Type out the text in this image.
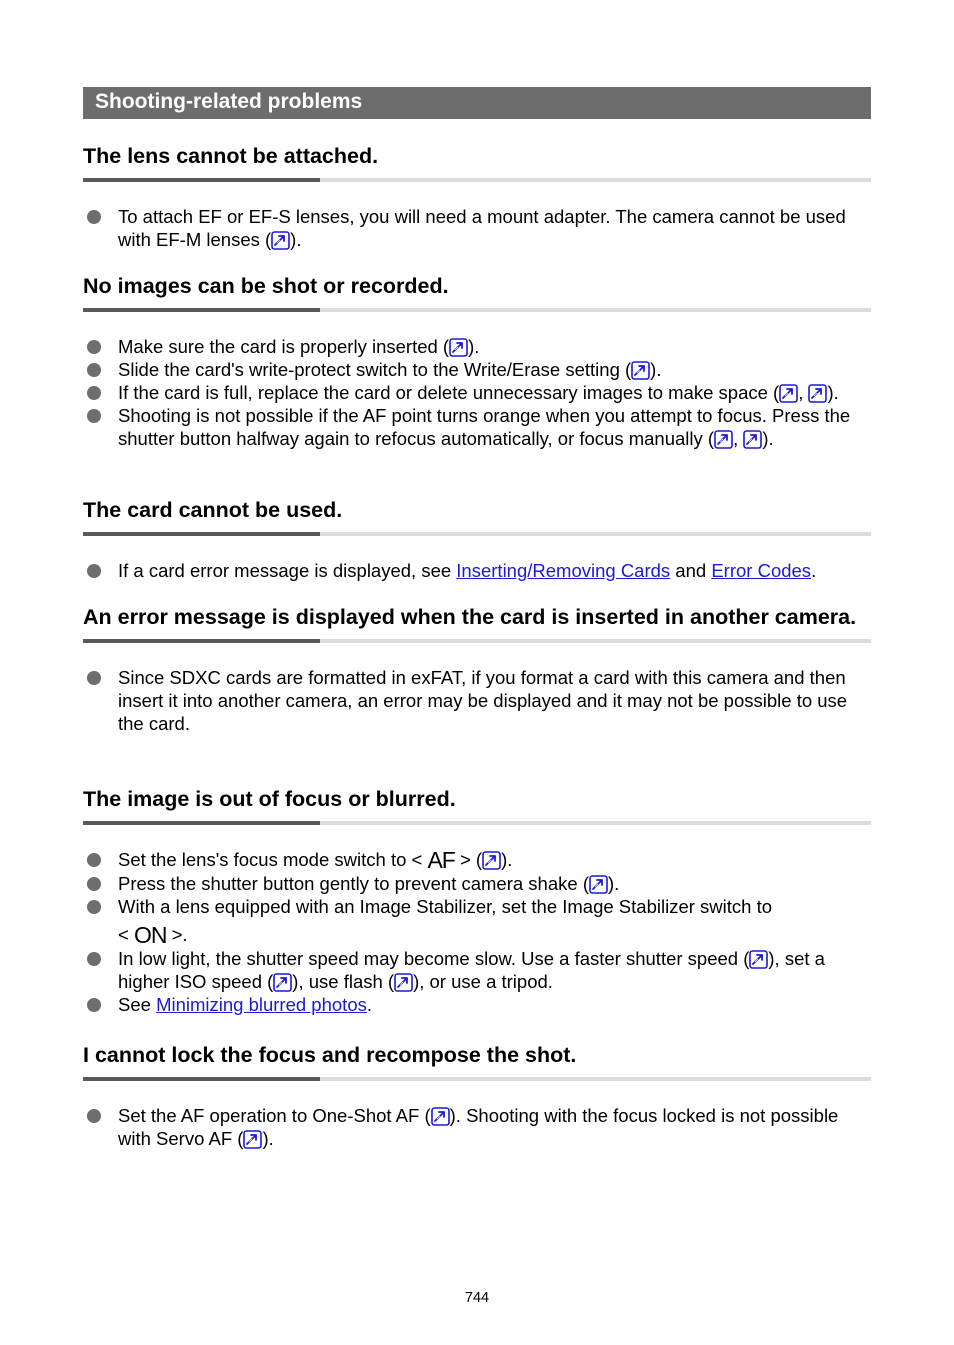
Shooting-related problems
The lens cannot be attached.
To attach EF or EF-S lenses, you will need a mount adapter. The camera cannot be used with EF-M lenses ( ).
No images can be shot or recorded.
Make sure the card is properly inserted ( ).
Slide the card's write-protect switch to the Write/Erase setting ( ).
If the card is full, replace the card or delete unnecessary images to make space ( , ).
Shooting is not possible if the AF point turns orange when you attempt to focus. Press the shutter button halfway again to refocus automatically, or focus manually ( , ).
The card cannot be used.
If a card error message is displayed, see Inserting/Removing Cards and Error Codes.
An error message is displayed when the card is inserted in another camera.
Since SDXC cards are formatted in exFAT, if you format a card with this camera and then insert it into another camera, an error may be displayed and it may not be possible to use the card.
The image is out of focus or blurred.
Set the lens's focus mode switch to < AF > ( ).
Press the shutter button gently to prevent camera shake ( ).
With a lens equipped with an Image Stabilizer, set the Image Stabilizer switch to
< ON >.
In low light, the shutter speed may become slow. Use a faster shutter speed ( ), set a higher ISO speed ( ), use flash ( ), or use a tripod.
See Minimizing blurred photos.
I cannot lock the focus and recompose the shot.
Set the AF operation to One-Shot AF ( ). Shooting with the focus locked is not possible with Servo AF ( ).
744
